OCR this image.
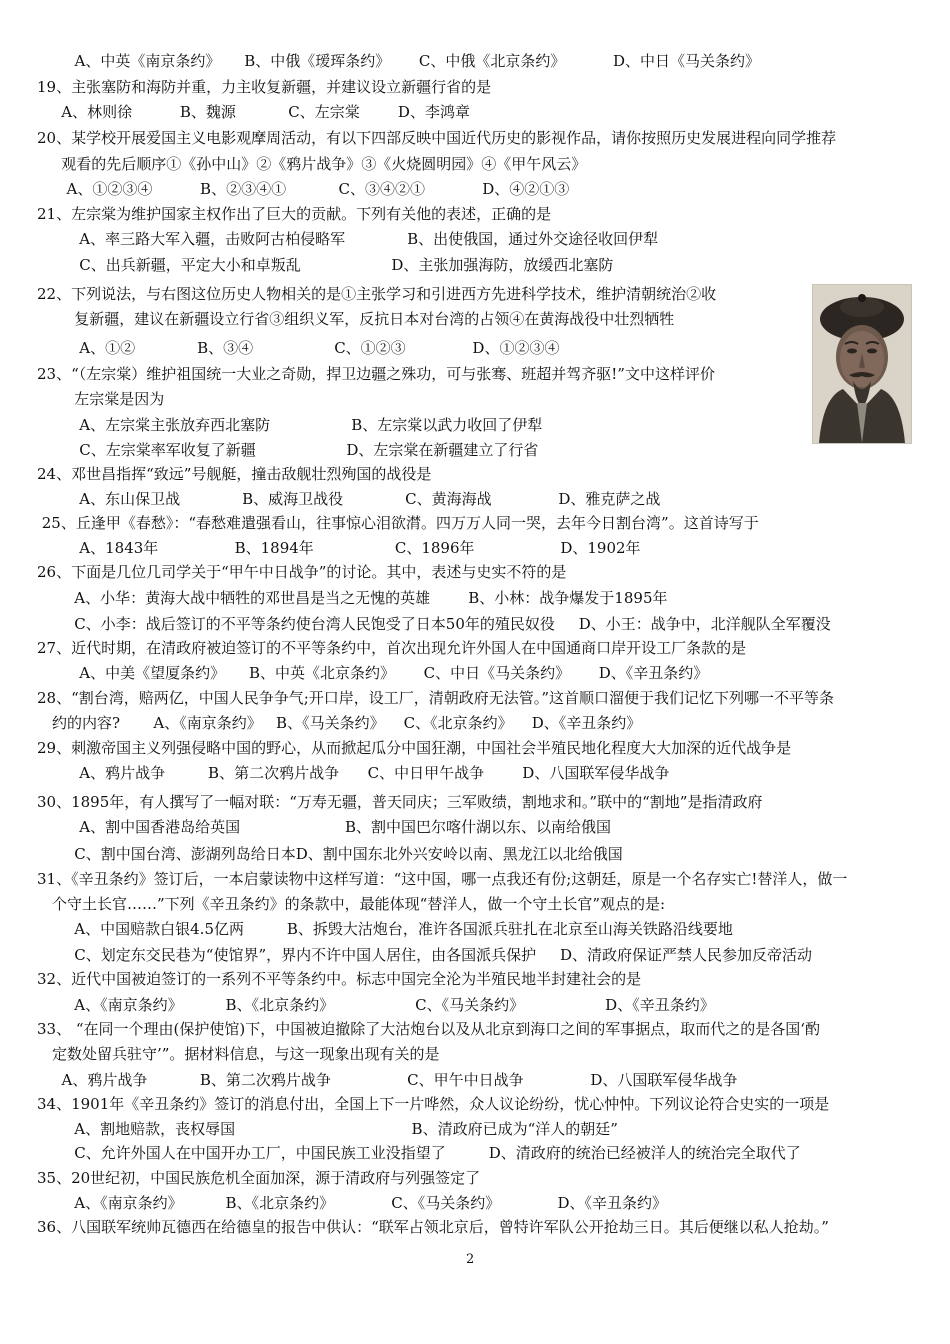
A、中英《南京条约》     B、中俄《瑷珲条约》      C、中俄《北京条约》          D、中日《马关条约》
19、主张塞防和海防并重，力主收复新疆，并建议设立新疆行省的是
A、林则徐          B、魏源           C、左宗棠        D、李鸿章
20、某学校开展爱国主义电影观摩周活动，有以下四部反映中国近代历史的影视作品，请你按照历史发展进程向同学推荐
观看的先后顺序①《孙中山》②《鸦片战争》③《火烧圆明园》④《甲午风云》
A、①②③④          B、②③④①           C、③④②①            D、④②①③
21、左宗棠为维护国家主权作出了巨大的贡献。下列有关他的表述，正确的是
A、率三路大军入疆，击败阿古柏侵略军             B、出使俄国，通过外交途径收回伊犁
C、出兵新疆，平定大小和卓叛乱                   D、主张加强海防，放缓西北塞防
22、下列说法，与右图这位历史人物相关的是①主张学习和引进西方先进科学技术，维护清朝统治②收
复新疆，建议在新疆设立行省③组织义军，反抗日本对台湾的占领④在黄海战役中壮烈牺牲
A、①②             B、③④                 C、①②③              D、①②③④
23、“（左宗棠）维护祖国统一大业之奇勋，捍卫边疆之殊功，可与张骞、班超并驾齐驱!”文中这样评价
左宗棠是因为
A、左宗棠主张放弃西北塞防                 B、左宗棠以武力收回了伊犁
C、左宗棠率军收复了新疆                   D、左宗棠在新疆建立了行省
24、邓世昌指挥“致远”号舰艇，撞击敌舰壮烈殉国的战役是
A、东山保卫战             B、威海卫战役             C、黄海海战              D、雅克萨之战
25、丘逢甲《春愁》：“春愁难遣强看山，往事惊心泪欲潸。四万万人同一哭，去年今日割台湾”。这首诗写于
A、1843年                B、1894年                 C、1896年                  D、1902年
26、下面是几位几司学关于“甲午中日战争”的讨论。其中，表述与史实不符的是
A、小华：黄海大战中牺牲的邓世昌是当之无愧的英雄        B、小林：战争爆发于1895年
C、小李：战后签订的不平等条约使台湾人民饱受了日本50年的殖民奴役     D、小王：战争中，北洋舰队全军覆没
27、近代时期，在清政府被迫签订的不平等条约中，首次出现允许外国人在中国通商口岸开设工厂条款的是
A、中美《望厦条约》     B、中英《北京条约》      C、中日《马关条约》      D、《辛丑条约》
28、“割台湾，赔两亿，中国人民争争气;开口岸，设工厂，清朝政府无法管。”这首顺口溜便于我们记忆下列哪一不平等条
约的内容?       A、《南京条约》   B、《马关条约》    C、《北京条约》    D、《辛丑条约》
29、刺激帝国主义列强侵略中国的野心，从而掀起瓜分中国狂潮，中国社会半殖民地化程度大大加深的近代战争是
A、鸦片战争         B、第二次鸦片战争      C、中日甲午战争        D、八国联军侵华战争
30、1895年，有人撰写了一幅对联：“万寿无疆，普天同庆；三军败绩，割地求和。”联中的“割地”是指清政府
A、割中国香港岛给英国                      B、割中国巴尔喀什湖以东、以南给俄国
C、割中国台湾、澎湖列岛给日本D、割中国东北外兴安岭以南、黑龙江以北给俄国
31、《辛丑条约》签订后，一本启蒙读物中这样写道：“这中国，哪一点我还有份;这朝廷，原是一个名存实亡!替洋人，做一
个守土长官……”下列《辛丑条约》的条款中，最能体现“替洋人，做一个守土长官”观点的是:
A、中国赔款白银4.5亿两         B、拆毁大沽炮台，准许各国派兵驻扎在北京至山海关铁路沿线要地
C、划定东交民巷为“使馆界”，界内不许中国人居住，由各国派兵保护     D、清政府保证严禁人民参加反帝活动
32、近代中国被迫签订的一系列不平等条约中。标志中国完全沦为半殖民地半封建社会的是
A、《南京条约》         B、《北京条约》                 C、《马关条约》                 D、《辛丑条约》
33、 “在同一个理由(保护使馆)下，中国被迫撤除了大沽炮台以及从北京到海口之间的军事据点，取而代之的是各国‘酌
定数处留兵驻守’”。据材料信息，与这一现象出现有关的是
A、鸦片战争           B、第二次鸦片战争                C、甲午中日战争              D、八国联军侵华战争
34、1901年《辛丑条约》签订的消息付出，全国上下一片哗然，众人议论纷纷，忧心忡忡。下列议论符合史实的一项是
A、割地赔款，丧权辱国                                     B、清政府已成为“洋人的朝廷”
C、允许外国人在中国开办工厂，中国民族工业没指望了         D、清政府的统治已经被洋人的统治完全取代了
35、20世纪初，中国民族危机全面加深，源于清政府与列强签定了
A、《南京条约》         B、《北京条约》            C、《马关条约》            D、《辛丑条约》
36、八国联军统帅瓦德西在给德皇的报告中供认：“联军占领北京后，曾特许军队公开抢劫三日。其后便继以私人抢劫。”
2
